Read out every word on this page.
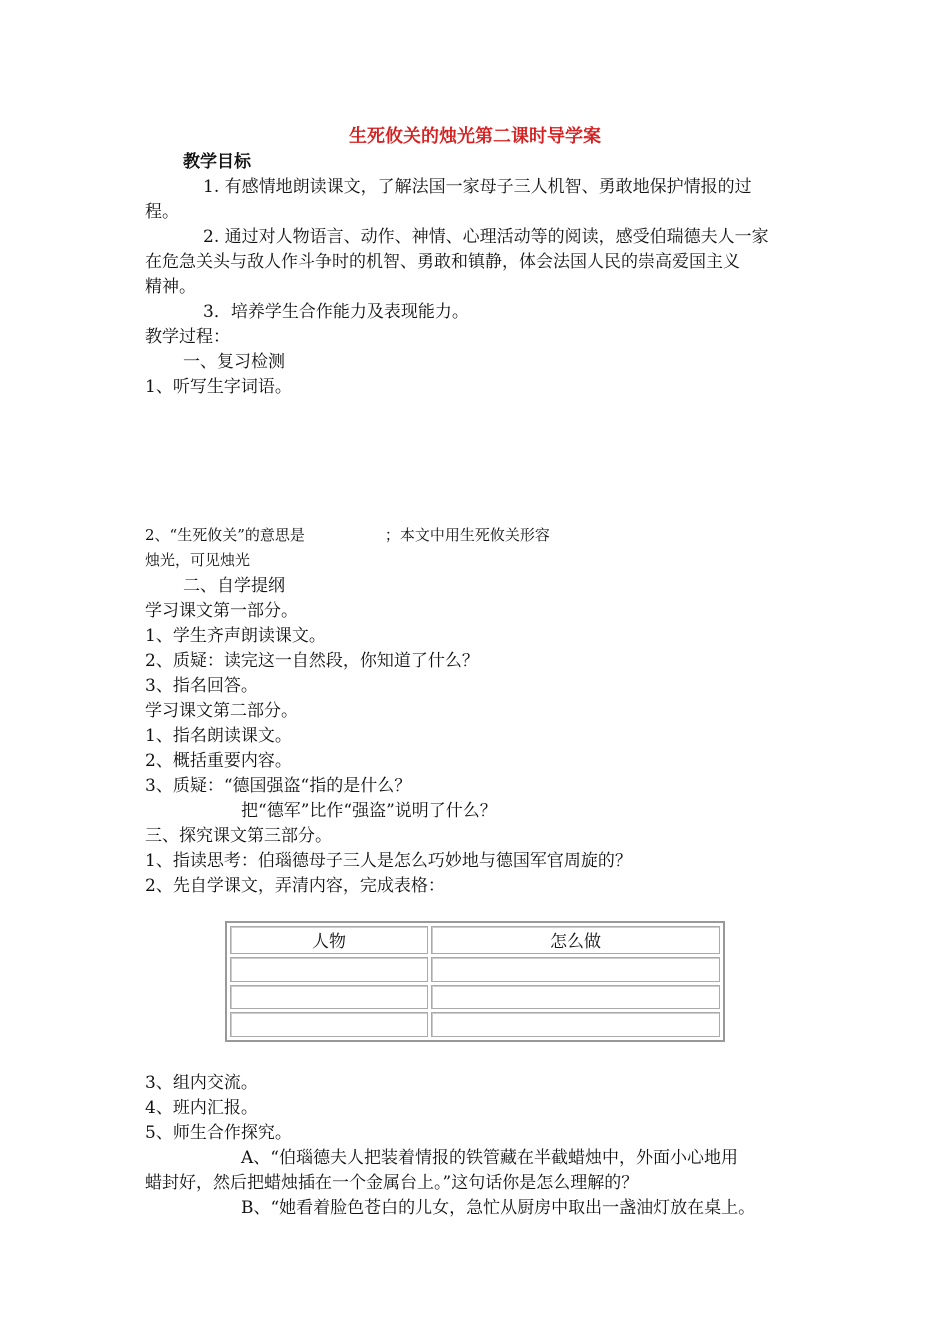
生死攸关的烛光第二课时导学案
教学目标
1. 有感情地朗读课文，了解法国一家母子三人机智、勇敢地保护情报的过
程。
2. 通过对人物语言、动作、神情、心理活动等的阅读，感受伯瑞德夫人一家
在危急关头与敌人作斗争时的机智、勇敢和镇静，体会法国人民的崇高爱国主义
精神。
3．培养学生合作能力及表现能力。
教学过程：
一、复习检测
1、听写生字词语。
2、“生死攸关”的意思是	；本文中用生死攸关形容
烛光，可见烛光
二、自学提纲
学习课文第一部分。
1、学生齐声朗读课文。
2、质疑：读完这一自然段，你知道了什么？
3、指名回答。
学习课文第二部分。
1、指名朗读课文。
2、概括重要内容。
3、质疑：“德国强盗“指的是什么？
把“德军”比作“强盗”说明了什么？
三、探究课文第三部分。
1、指读思考：伯瑙德母子三人是怎么巧妙地与德国军官周旋的？
2、先自学课文，弄清内容，完成表格：
人物	怎么做

3、组内交流。
4、班内汇报。
5、师生合作探究。
A、“伯瑙德夫人把装着情报的铁管藏在半截蜡烛中，外面小心地用
蜡封好，然后把蜡烛插在一个金属台上。”这句话你是怎么理解的？
B、“她看着脸色苍白的儿女，急忙从厨房中取出一盏油灯放在桌上。
